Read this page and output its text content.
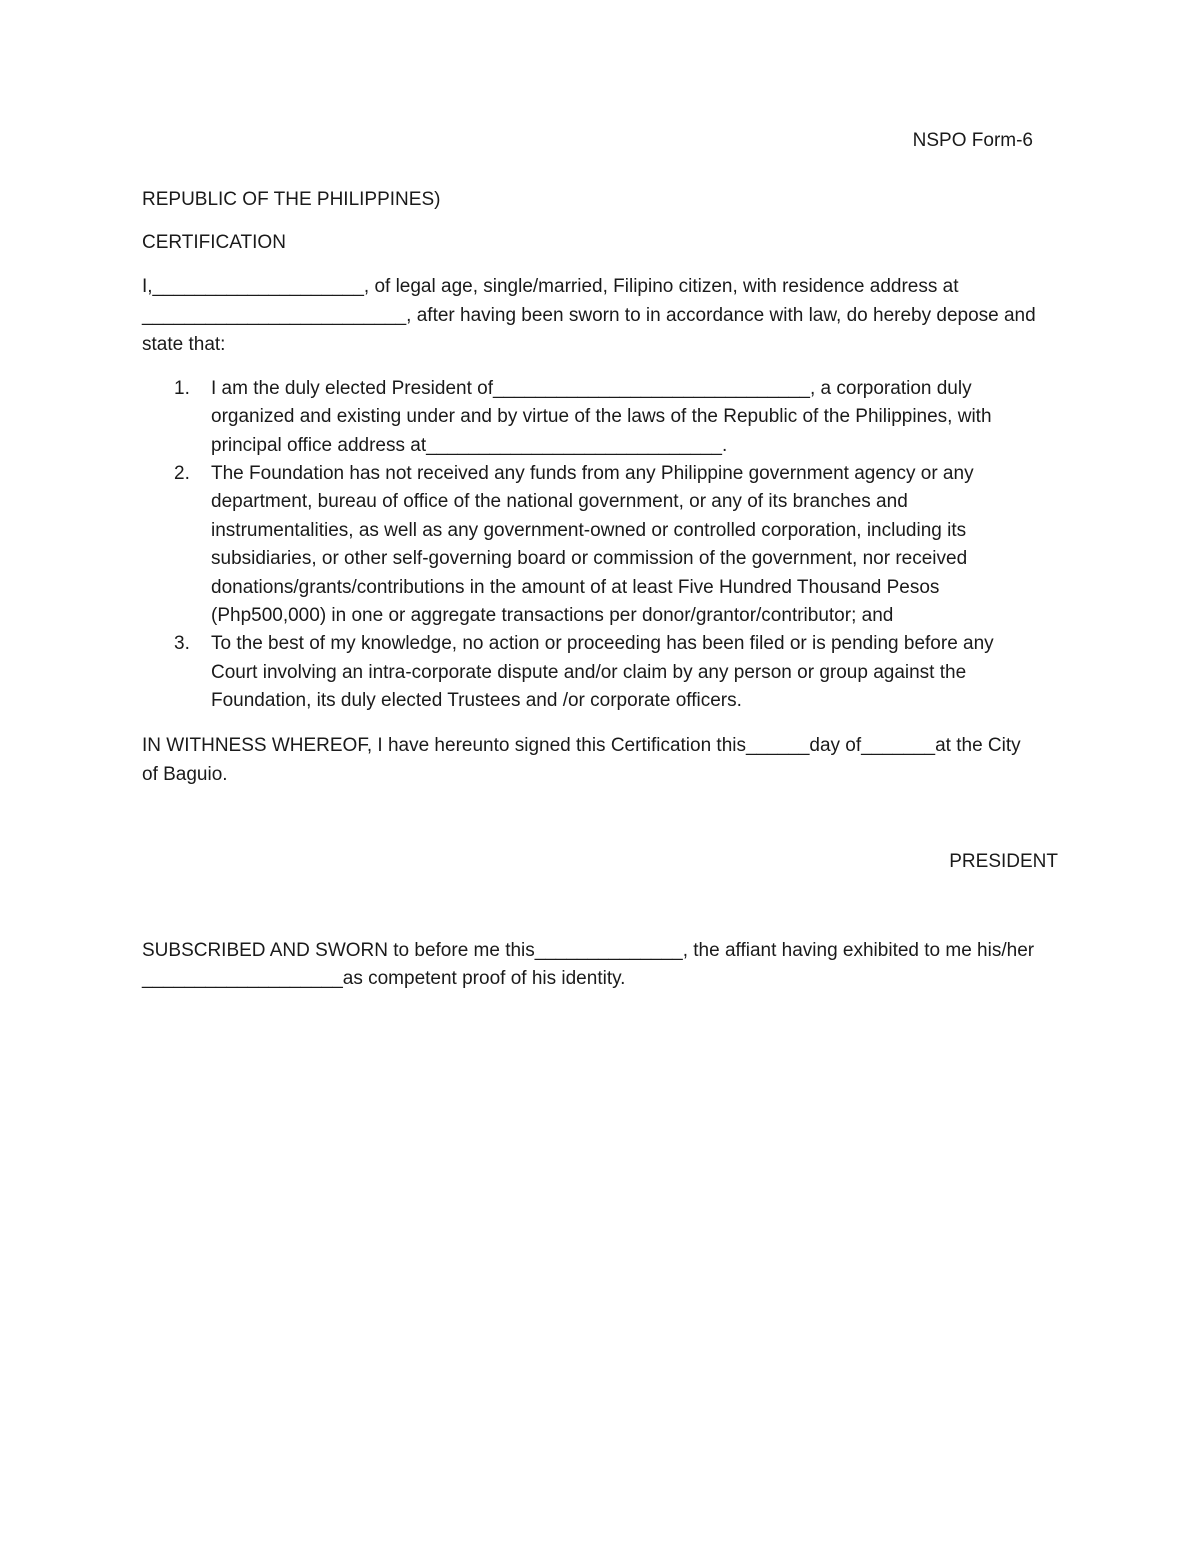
NSPO Form-6
REPUBLIC OF THE PHILIPPINES)
CERTIFICATION
I,____________________, of legal age, single/married, Filipino citizen, with residence address at
_________________________, after having been sworn to in accordance with law, do hereby depose and
state that:
1. I am the duly elected President of______________________________, a corporation duly
organized and existing under and by virtue of the laws of the Republic of the Philippines, with
principal office address at____________________________.
2. The Foundation has not received any funds from any Philippine government agency or any
department, bureau of office of the national government, or any of its branches and
instrumentalities, as well as any government-owned or controlled corporation, including its
subsidiaries, or other self-governing board or commission of the government, nor received
donations/grants/contributions in the amount of at least Five Hundred Thousand Pesos
(Php500,000) in one or aggregate transactions per donor/grantor/contributor; and
3. To the best of my knowledge, no action or proceeding has been filed or is pending before any
Court involving an intra-corporate dispute and/or claim by any person or group against the
Foundation, its duly elected Trustees and /or corporate officers.
IN WITHNESS WHEREOF, I have hereunto signed this Certification this______day of_______at the City
of Baguio.
PRESIDENT
SUBSCRIBED AND SWORN to before me this______________, the affiant having exhibited to me his/her
___________________as competent proof of his identity.
